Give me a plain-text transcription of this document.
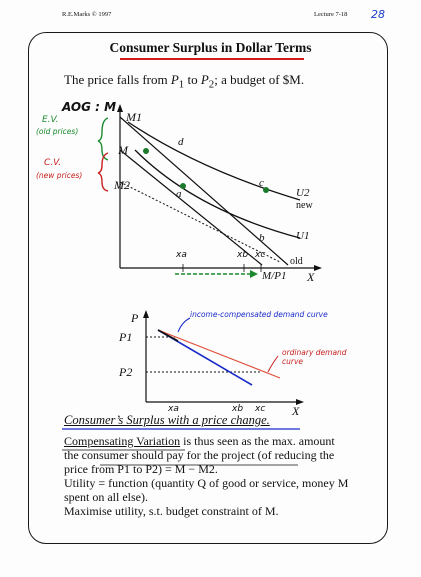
R.E.Marks © 1997	Lecture 7-18 28
Consumer Surplus in Dollar Terms
The price falls from $P_1$ to $P_2$; a budget of $M.
AOG : M
E.V.
(old prices)
C.V.
(new prices)
M1
M
M2
d
c
U2
new
a
b	U1
old
M/P1 X
xa	xb xc
P
P1
P2
X
xa	xb xc
income-compensated demand curve
ordinary demand curve
Consumer’s Surplus with a price change.

Compensating Variation is thus seen as the max. amount

the consumer should pay for the project (of reducing the

price from P1 to P2) = M − M2.

Utility = function (quantity Q of good or service, money M

spent on all else).

Maximise utility, s.t. budget constraint of M.
